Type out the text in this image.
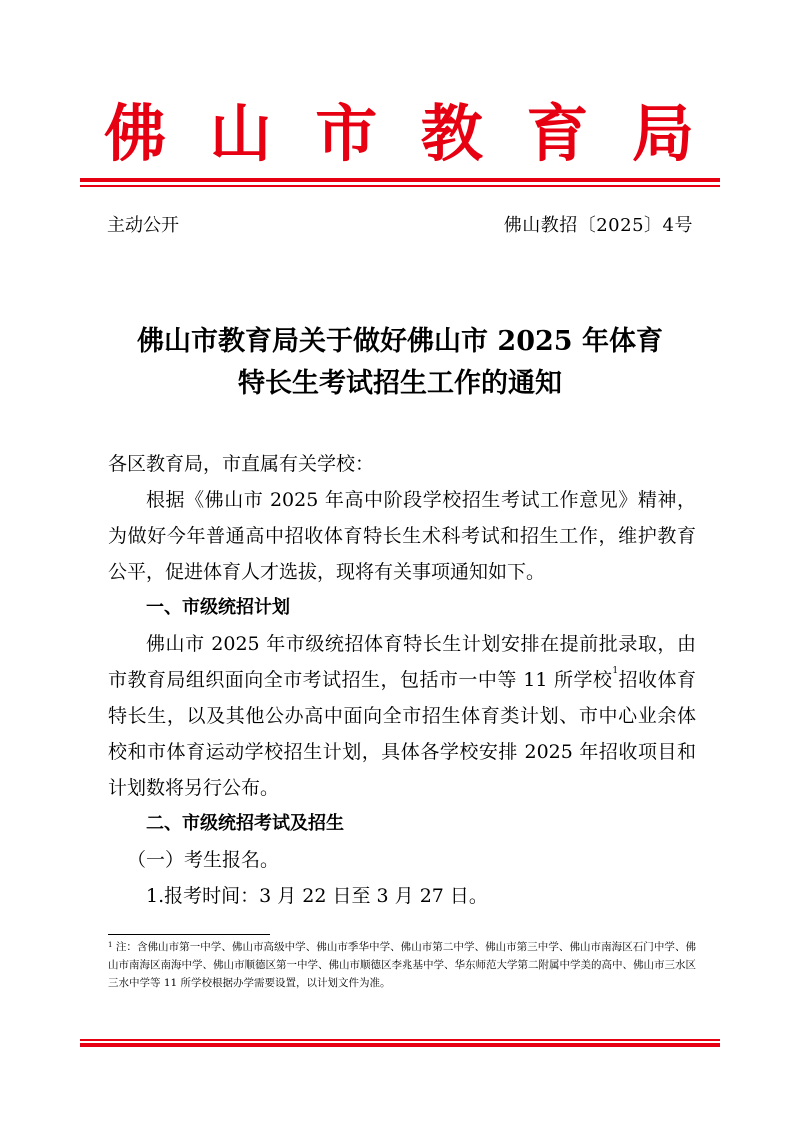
佛 山 市 教 育 局
主动公开	佛山教招〔2025〕4号
佛山市教育局关于做好佛山市 2025 年体育
特长生考试招生工作的通知

各区教育局，市直属有关学校：

根据《佛山市 2025 年高中阶段学校招生考试工作意见》精神，为做好今年普通高中招收体育特长生术科考试和招生工作，维护教育公平，促进体育人才选拔，现将有关事项通知如下。

一、市级统招计划

佛山市 2025 年市级统招体育特长生计划安排在提前批录取，由市教育局组织面向全市考试招生，包括市一中等 11 所学校$^1$招收体育特长生，以及其他公办高中面向全市招生体育类计划、市中心业余体校和市体育运动学校招生计划，具体各学校安排 2025 年招收项目和计划数将另行公布。

二、市级统招考试及招生

（一）考生报名。

1.报考时间：3 月 22 日至 3 月 27 日。

$^1$ 注：含佛山市第一中学、佛山市高级中学、佛山市季华中学、佛山市第二中学、佛山市第三中学、佛山市南海区石门中学、佛山市南海区南海中学、佛山市顺德区第一中学、佛山市顺德区李兆基中学、华东师范大学第二附属中学美的高中、佛山市三水区三水中学等 11 所学校根据办学需要设置，以计划文件为准。
